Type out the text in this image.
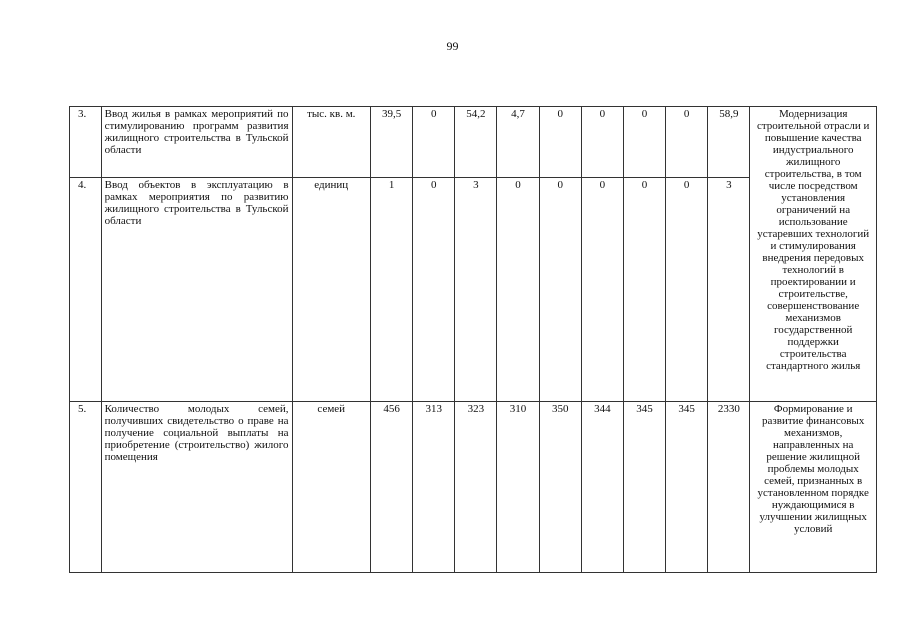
99
3.	Ввод жилья в рамках мероприятий по стимулированию программ развития жилищного строительства в Тульской области	тыс. кв. м.	39,5	0	54,2	4,7	0	0	0	0	58,9	Модернизация строительной отрасли и повышение качества индустриального жилищного строительства, в том числе посредством установления ограничений на использование устаревших технологий и стимулирования внедрения передовых технологий в проектировании и строительстве, совершенствование механизмов государственной поддержки строительства стандартного жилья
4.	Ввод объектов в эксплуатацию в рамках мероприятия по развитию жилищного строительства в Тульской области	единиц	1	0	3	0	0	0	0	0	3	
5.	Количество молодых семей, получивших свидетельство о праве на получение социальной выплаты на приобретение (строительство) жилого помещения	семей	456	313	323	310	350	344	345	345	2330	Формирование и развитие финансовых механизмов, направленных на решение жилищной проблемы молодых семей, признанных в установленном порядке нуждающимися в улучшении жилищных условий
